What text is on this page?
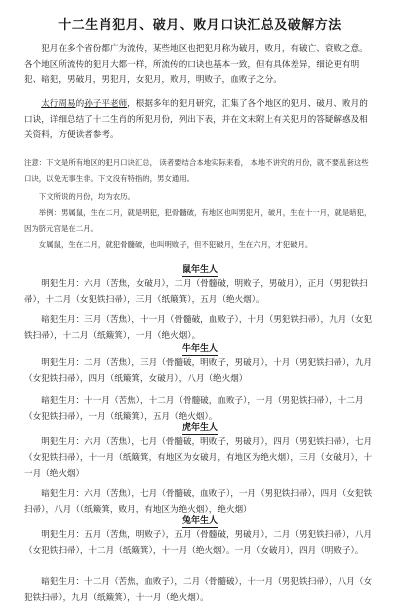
十二生肖犯月、破月、败月口诀汇总及破解方法
犯月在多个省份都广为流传，某些地区也把犯月称为破月，败月，有破亡、衰败之意。各个地区所流传的犯月大都一样，所流传的口诀也基本一致，但有具体差异，细论更有明犯、暗犯，男破月，男犯月，女犯月，败月，明败子，血败子之分。
太行周易的孙子平老师，根据多年的犯月研究，汇集了各个地区的犯月、破月、败月的口诀，详细总结了十二生肖的所犯月份，列出下表，并在文末附上有关犯月的答疑解惑及相关资料，方便读者参考。
注意：下文是所有地区的犯月口诀汇总， 读者要结合本地实际来看， 本地不讲究的月份，就不要乱套这些口诀，以免无事生非。下文没有特指的，男女通用。
下文所说的月份，均为农历。
举例：男属鼠，生在二月，就是明犯，犯骨髓破，有地区也叫男犯月，破月，生在十一月，就是暗犯，因为脐元宫是在二月。
女属鼠，生在二月，就犯骨髓破，也叫明败子，但不犯破月，生在六月，才犯破月。
鼠年生人
明犯生月：六月（苦焦，女破月），二月（骨髓破，明败子，男破月），正月（男犯铁扫帚），十二月（女犯铁扫帚），三月（纸簸箕），五月（绝火烟）。
暗犯生月：三月（苦焦），十一月（骨髓破，血败子），十月（男犯铁扫帚），九月（女犯铁扫帚），十二月（纸簸箕），一月（绝火烟）。
牛年生人
明犯生月：二月（苦焦），三月（骨髓破，明败子，男破月），十月（男犯铁扫帚），九月（女犯铁扫帚），四月（纸簸箕，女破月），八月（绝火烟）
暗犯生月：十一月（苦焦），十二月（骨髓破，血败子），一月（男犯铁扫帚），十二月（女犯铁扫帚），一月（纸簸箕），五月（绝火烟）。
虎年生人
明犯生月：六月（苦焦），七月（骨髓破，明败子，男破月），四月（男犯铁扫帚），七月（女犯铁扫帚），十一月（纸簸箕，有地区为女破月，有地区为绝火烟），三月（女破月），十一月（绝火烟）
暗犯生月：六月（苦焦），七月（骨髓破，血败子），一月（男犯铁扫帚），四月（女犯铁扫帚），八月（（纸簸箕，败月，有地区为绝火烟），绝火烟）
兔年生人
明犯生月：五月（苦焦，明败子），五月（骨髓破，男破月），二月（男犯铁扫帚），八月（女犯铁扫帚），十二月（纸簸箕），十一月（绝火烟）。一月（女破月），四月（明败子）。
暗犯生月：十二月（苦焦，血败子），二月（骨髓破），十一月（男犯铁扫帚），八月（女犯铁扫帚），九月（纸簸箕），十一月（绝火烟）。
